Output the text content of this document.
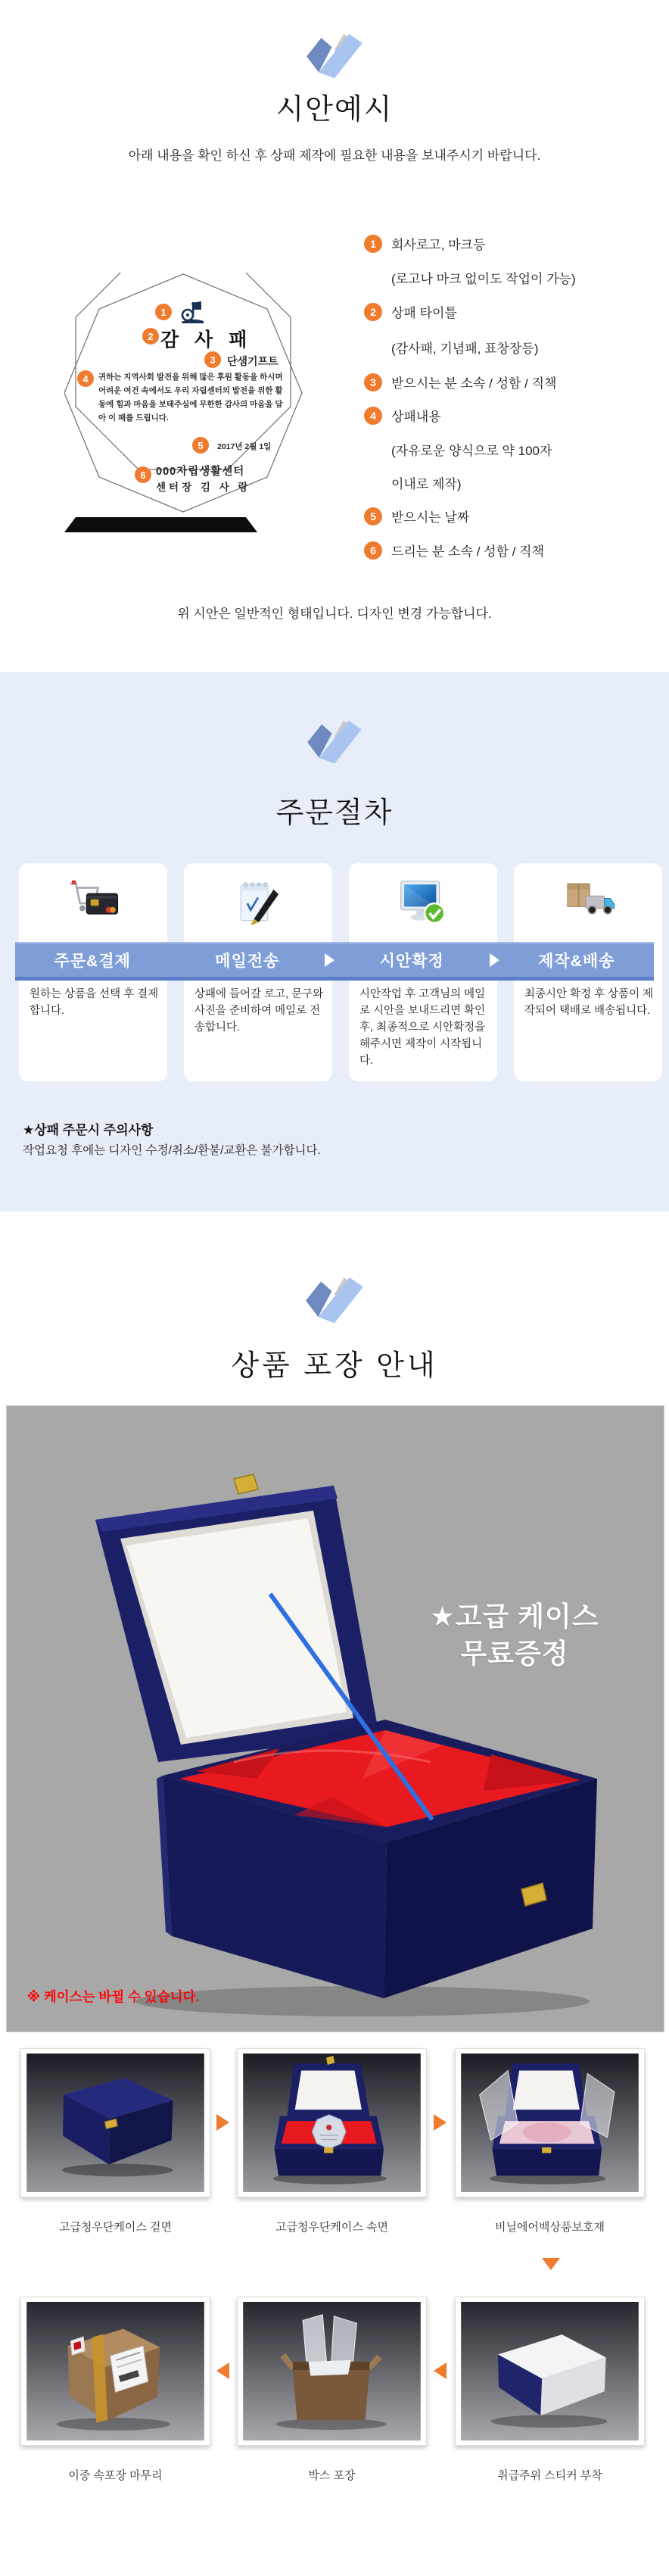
시안예시
아래 내용을 확인 하신 후 상패 제작에 필요한 내용을 보내주시기 바랍니다.
1
2
3
4
5
6
감 사 패
단샘기프트
귀하는 지역사회 발전을 위해 많은 후원 활동을 하시며
어려운 여건 속에서도 우리 자립센터의 발전을 위한 활
동에 힘과 마음을 보태주심에 무한한 감사의 마음을 담
아 이 패를 드립니다.
2017년 2월 1일
000자립생활센터
센터장 김 사 랑
1	회사로고, 마크등
(로고나 마크 없이도 작업이 가능)
2	상패 타이틀
(감사패, 기념패, 표창장등)
3	받으시는 분 소속 / 성함 / 직책
4	상패내용
(자유로운 양식으로 약 100자
이내로 제작)
5	받으시는 날짜
6	드리는 분 소속 / 성함 / 직책
위 시안은 일반적인 형태입니다. 디자인 변경 가능합니다.
주문절차
주문&결제	메일전송	시안확정	제작&배송
원하는 상품을 선택 후 결제합니다.
상패에 들어갈 로고, 문구와 사진을 준비하여 메일로 전송합니다.
시안작업 후 고객님의 메일로 시안을 보내드리면 확인 후, 최종적으로 시안확정을 해주시면 제작이 시작됩니다.
최종시안 확정 후 상품이 제작되어 택배로 배송됩니다.
★상패 주문시 주의사항
작업요청 후에는 디자인 수정/취소/환불/교환은 불가합니다.
상품 포장 안내
★고급 케이스
무료증정
※ 케이스는 바뀔 수 있습니다.
고급청우단케이스 겉면	고급청우단케이스 속면	비닐에어백상품보호재
이중 속포장 마무리	박스 포장	취급주위 스티커 부착
